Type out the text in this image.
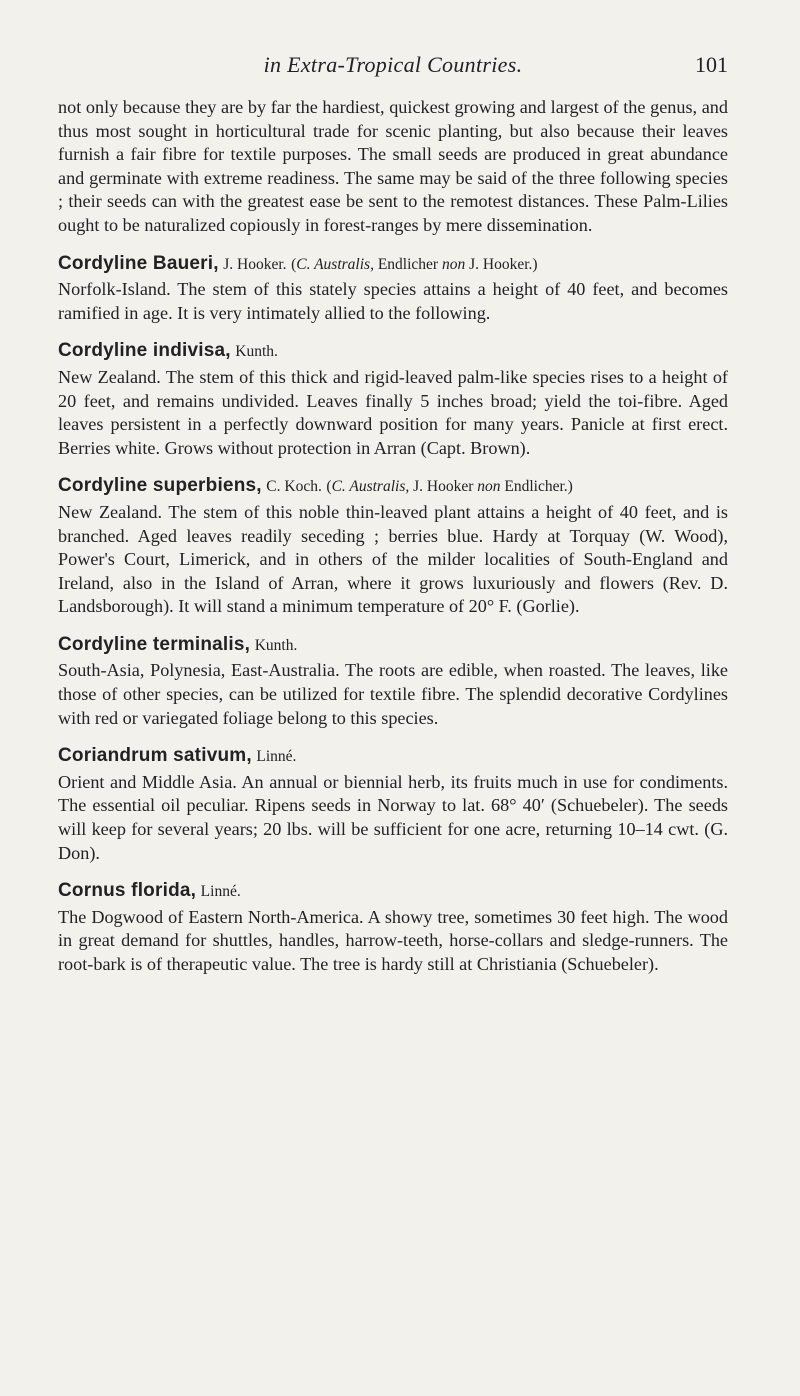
in Extra-Tropical Countries.	101

not only because they are by far the hardiest, quickest growing and largest of the genus, and thus most sought in horticultural trade for scenic planting, but also because their leaves furnish a fair fibre for textile purposes. The small seeds are produced in great abundance and germinate with extreme readiness. The same may be said of the three following species ; their seeds can with the greatest ease be sent to the remotest distances. These Palm-Lilies ought to be naturalized copiously in forest-ranges by mere dissemination.

Cordyline Baueri, J. Hooker. (C. Australis, Endlicher non J. Hooker.)

Norfolk-Island. The stem of this stately species attains a height of 40 feet, and becomes ramified in age. It is very intimately allied to the following.

Cordyline indivisa, Kunth.

New Zealand. The stem of this thick and rigid-leaved palm-like species rises to a height of 20 feet, and remains undivided. Leaves finally 5 inches broad; yield the toi-fibre. Aged leaves persistent in a perfectly downward position for many years. Panicle at first erect. Berries white. Grows without protection in Arran (Capt. Brown).

Cordyline superbiens, C. Koch. (C. Australis, J. Hooker non Endlicher.)

New Zealand. The stem of this noble thin-leaved plant attains a height of 40 feet, and is branched. Aged leaves readily seceding ; berries blue. Hardy at Torquay (W. Wood), Power's Court, Limerick, and in others of the milder localities of South-England and Ireland, also in the Island of Arran, where it grows luxuriously and flowers (Rev. D. Landsborough). It will stand a minimum temperature of 20° F. (Gorlie).

Cordyline terminalis, Kunth.

South-Asia, Polynesia, East-Australia. The roots are edible, when roasted. The leaves, like those of other species, can be utilized for textile fibre. The splendid decorative Cordylines with red or variegated foliage belong to this species.

Coriandrum sativum, Linné.

Orient and Middle Asia. An annual or biennial herb, its fruits much in use for condiments. The essential oil peculiar. Ripens seeds in Norway to lat. 68° 40′ (Schuebeler). The seeds will keep for several years; 20 lbs. will be sufficient for one acre, returning 10–14 cwt. (G. Don).

Cornus florida, Linné.

The Dogwood of Eastern North-America. A showy tree, sometimes 30 feet high. The wood in great demand for shuttles, handles, harrow-teeth, horse-collars and sledge-runners. The root-bark is of therapeutic value. The tree is hardy still at Christiania (Schuebeler).
